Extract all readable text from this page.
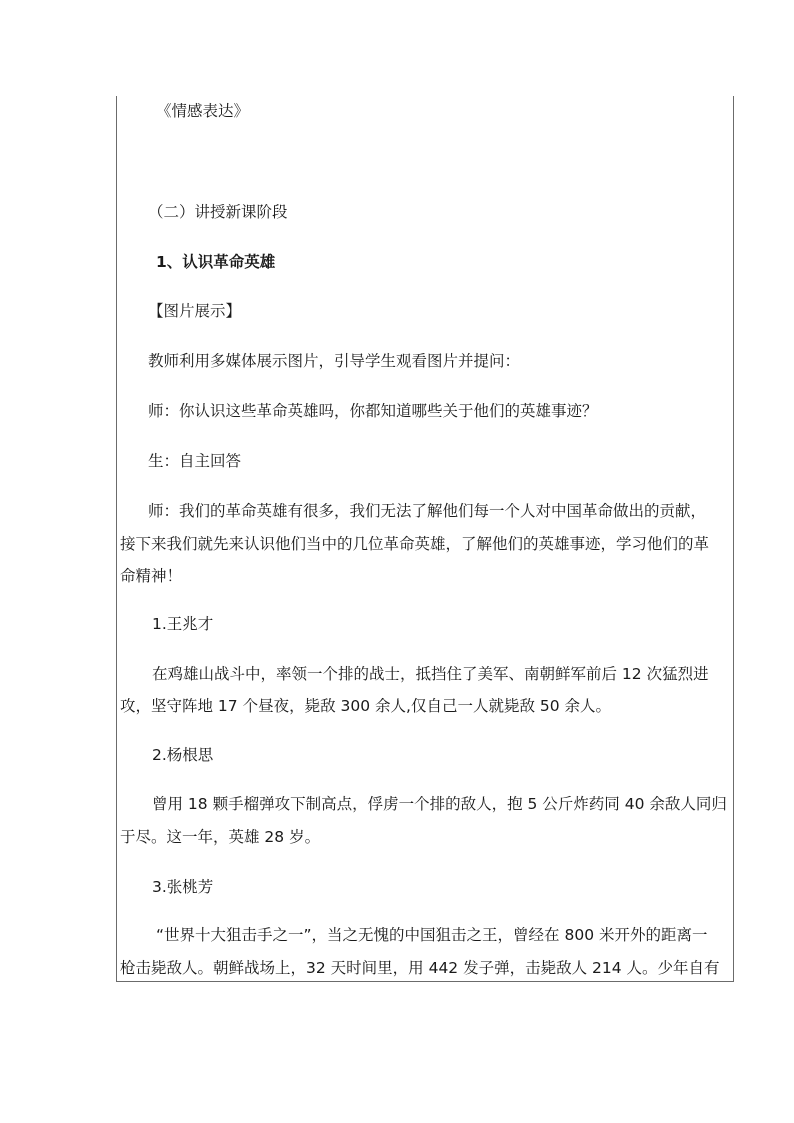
《情感表达》
（二）讲授新课阶段
1、认识革命英雄
【图片展示】
教师利用多媒体展示图片，引导学生观看图片并提问：
师：你认识这些革命英雄吗，你都知道哪些关于他们的英雄事迹？
生：自主回答
师：我们的革命英雄有很多，我们无法了解他们每一个人对中国革命做出的贡献，
接下来我们就先来认识他们当中的几位革命英雄，了解他们的英雄事迹，学习他们的革
命精神！
1.王兆才
在鸡雄山战斗中，率领一个排的战士，抵挡住了美军、南朝鲜军前后 12 次猛烈进
攻，坚守阵地 17 个昼夜，毙敌 300 余人,仅自己一人就毙敌 50 余人。
2.杨根思
曾用 18 颗手榴弹攻下制高点，俘虏一个排的敌人，抱 5 公斤炸药同 40 余敌人同归
于尽。这一年，英雄 28 岁。
3.张桃芳
“世界十大狙击手之一”，当之无愧的中国狙击之王，曾经在 800 米开外的距离一
枪击毙敌人。朝鲜战场上，32 天时间里，用 442 发子弹，击毙敌人 214 人。少年自有
